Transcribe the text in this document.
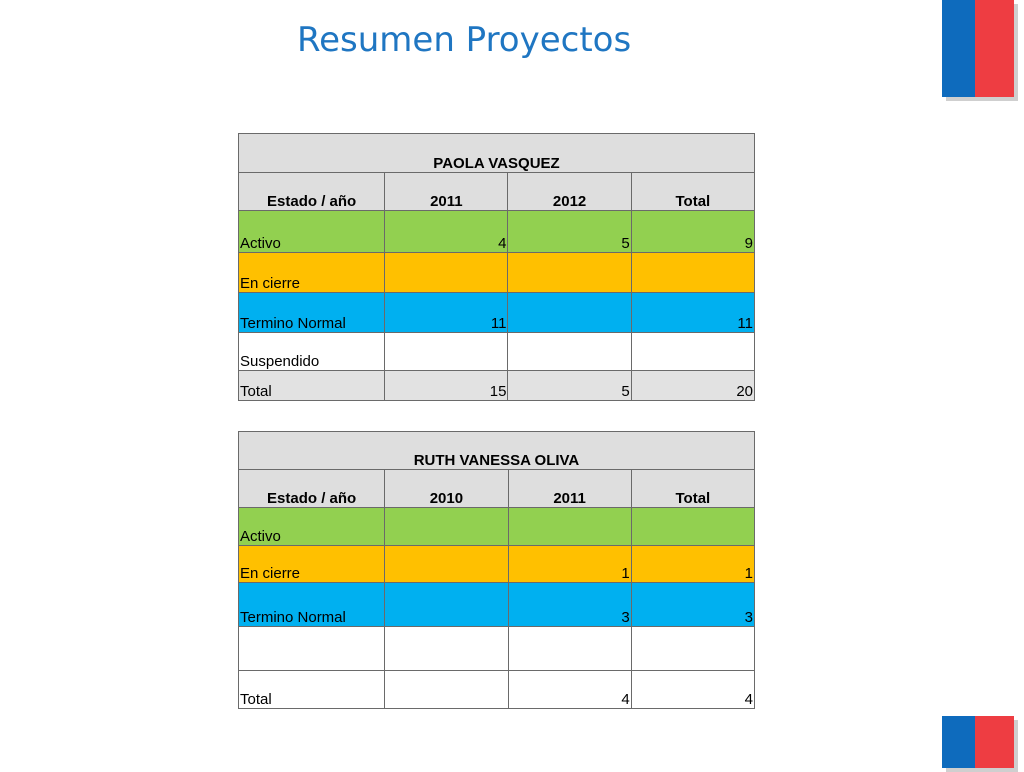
Resumen Proyectos
PAOLA VASQUEZ			
Estado / año	2011	2012	Total
Activo	4	5	9
En cierre			
Termino Normal	11		11
Suspendido			
Total	15	5	20
RUTH VANESSA OLIVA			
Estado / año	2010	2011	Total
Activo			
En cierre		1	1
Termino Normal		3	3

Total		4	4
